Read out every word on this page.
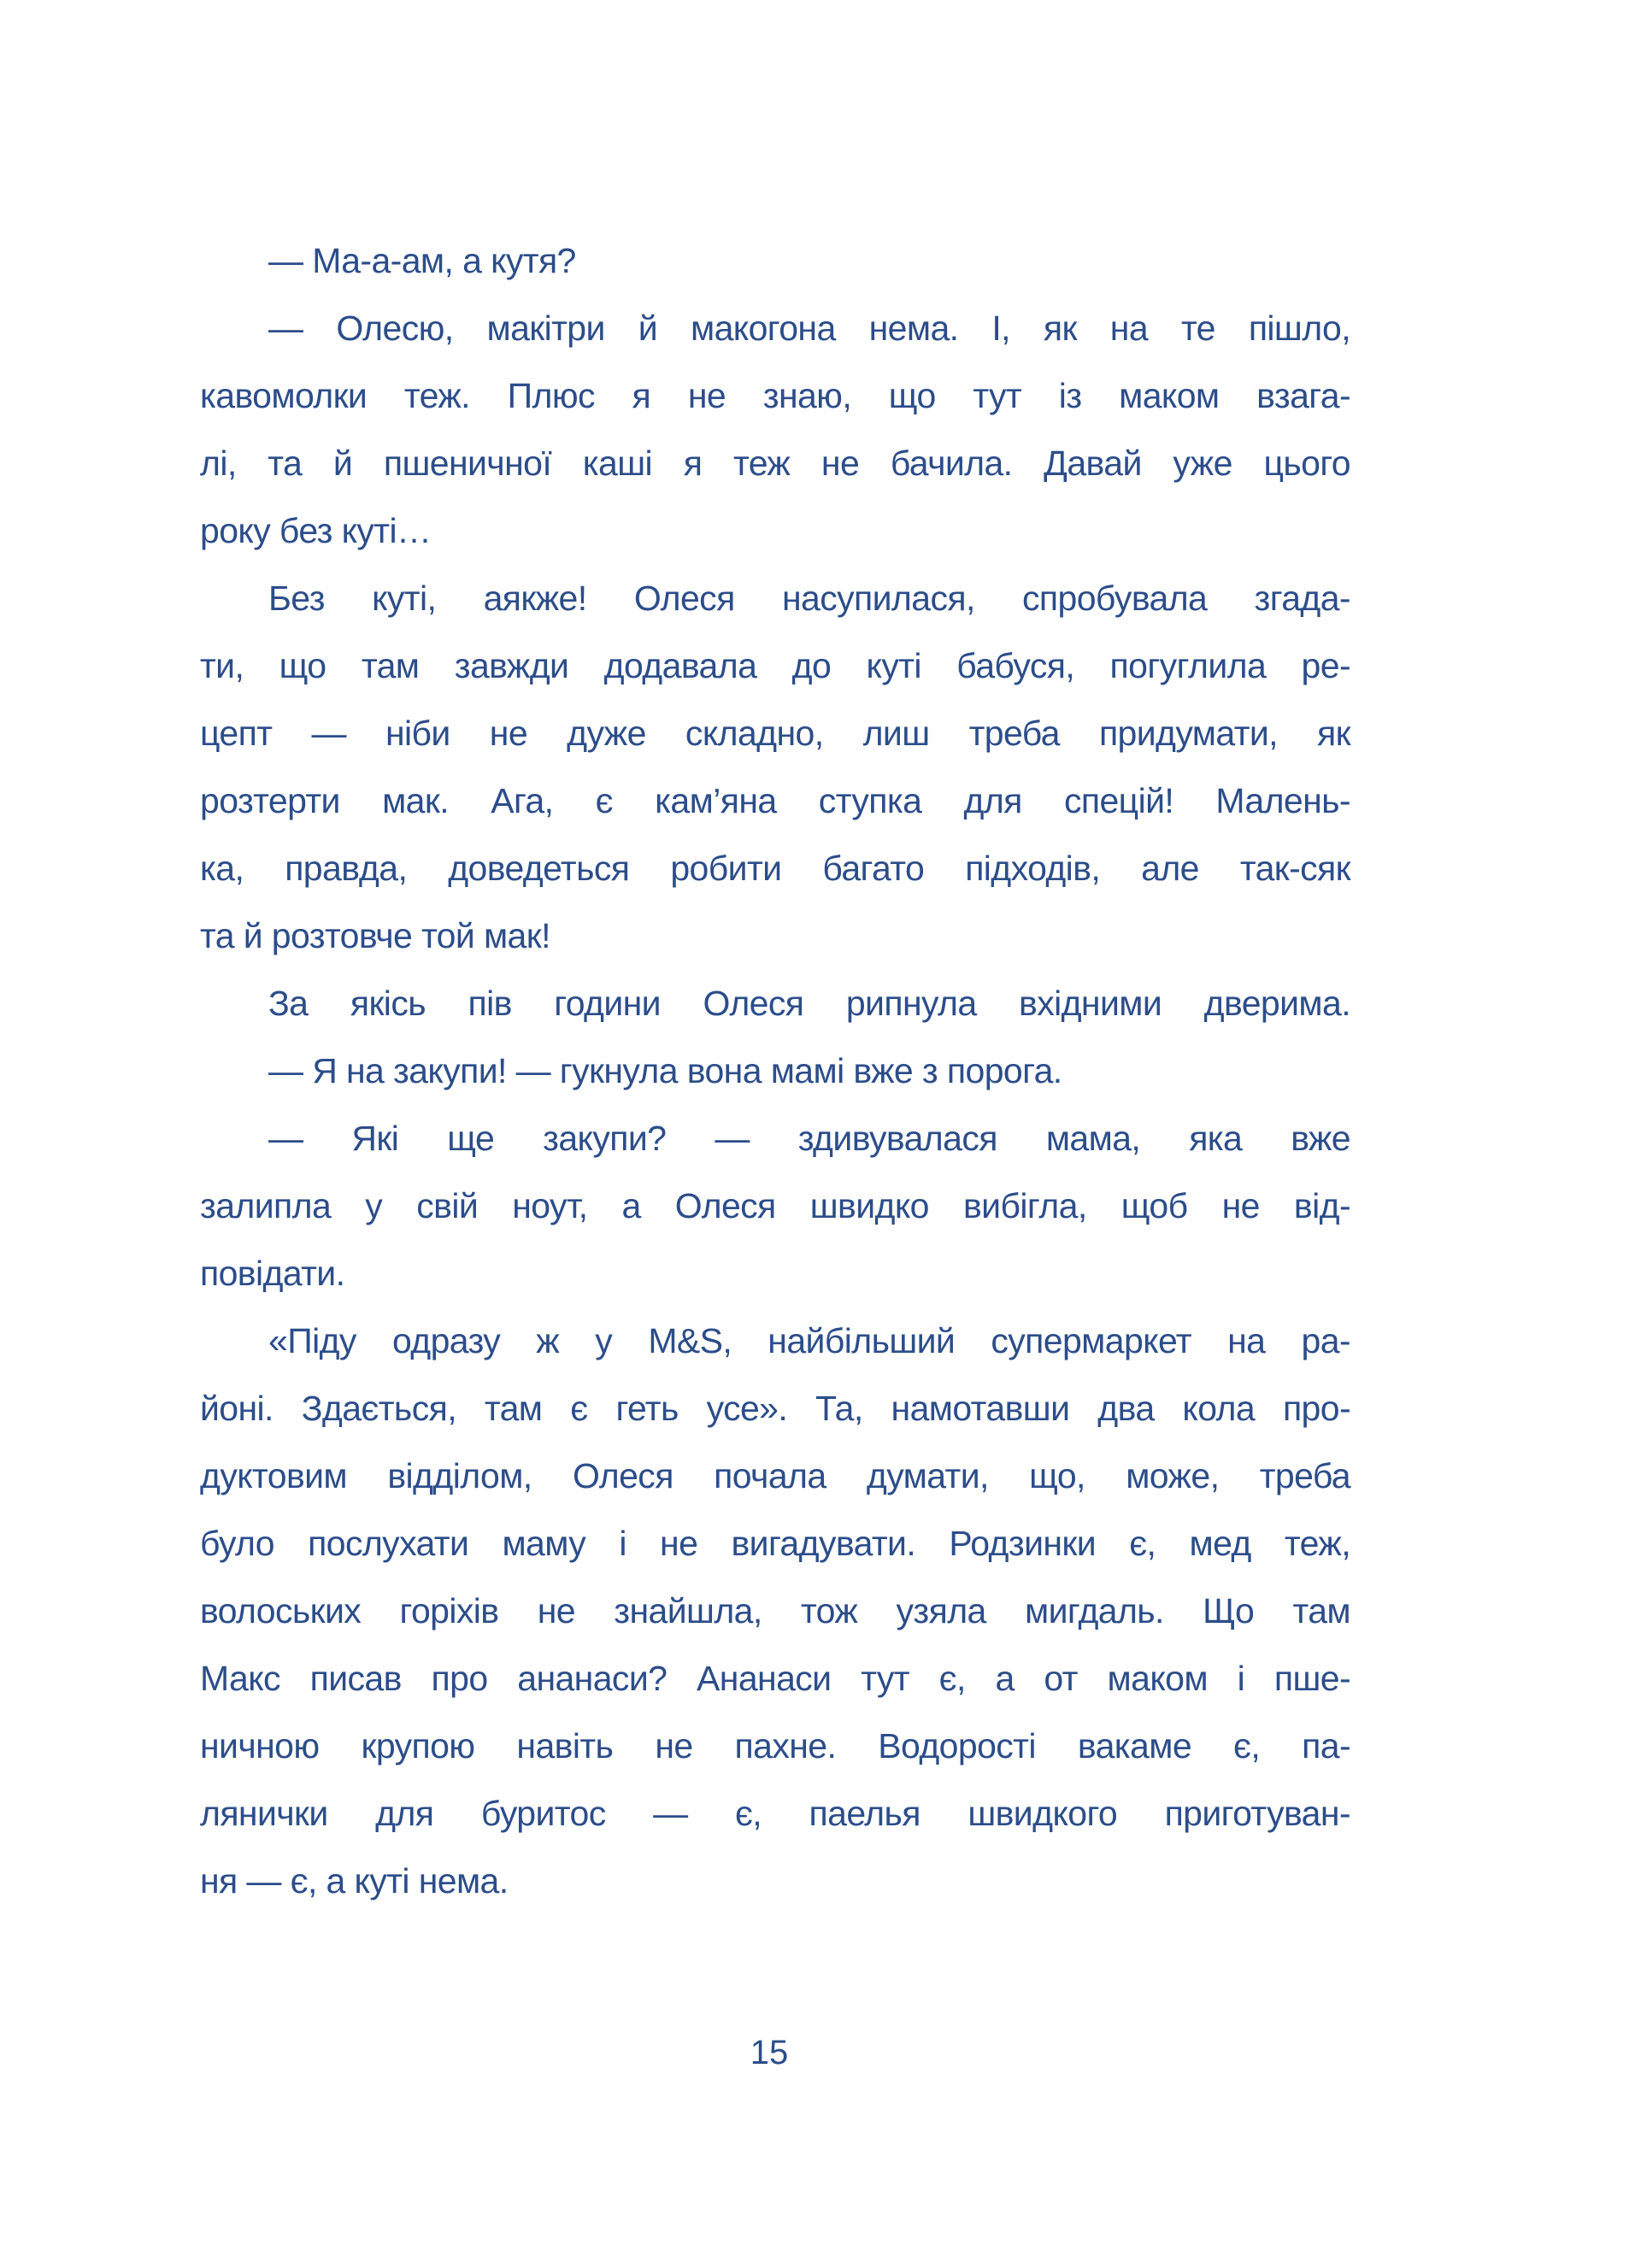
— Ма-а-ам, а кутя?
— Олесю, макітри й макогона нема. І, як на те пішло,
кавомолки теж. Плюс я не знаю, що тут із маком взага-
лі, та й пшеничної каші я теж не бачила. Давай уже цього
року без куті…
Без куті, аякже! Олеся насупилася, спробувала згада-
ти, що там завжди додавала до куті бабуся, погуглила ре-
цепт — ніби не дуже складно, лиш треба придумати, як
розтерти мак. Ага, є кам’яна ступка для спецій! Малень-
ка, правда, доведеться робити багато підходів, але так-сяк
та й розтовче той мак!
За якісь пів години Олеся рипнула вхідними дверима.
— Я на закупи! — гукнула вона мамі вже з порога.
— Які ще закупи? — здивувалася мама, яка вже
залипла у свій ноут, а Олеся швидко вибігла, щоб не від-
повідати.
«Піду одразу ж у M&S, найбільший супермаркет на ра-
йоні. Здається, там є геть усе». Та, намотавши два кола про-
дуктовим відділом, Олеся почала думати, що, може, треба
було послухати маму і не вигадувати. Родзинки є, мед теж,
волоських горіхів не знайшла, тож узяла мигдаль. Що там
Макс писав про ананаси? Ананаси тут є, а от маком і пше-
ничною крупою навіть не пахне. Водорості вакаме є, па-
лянички для буритос — є, паелья швидкого приготуван-
ня — є, а куті нема.
15
